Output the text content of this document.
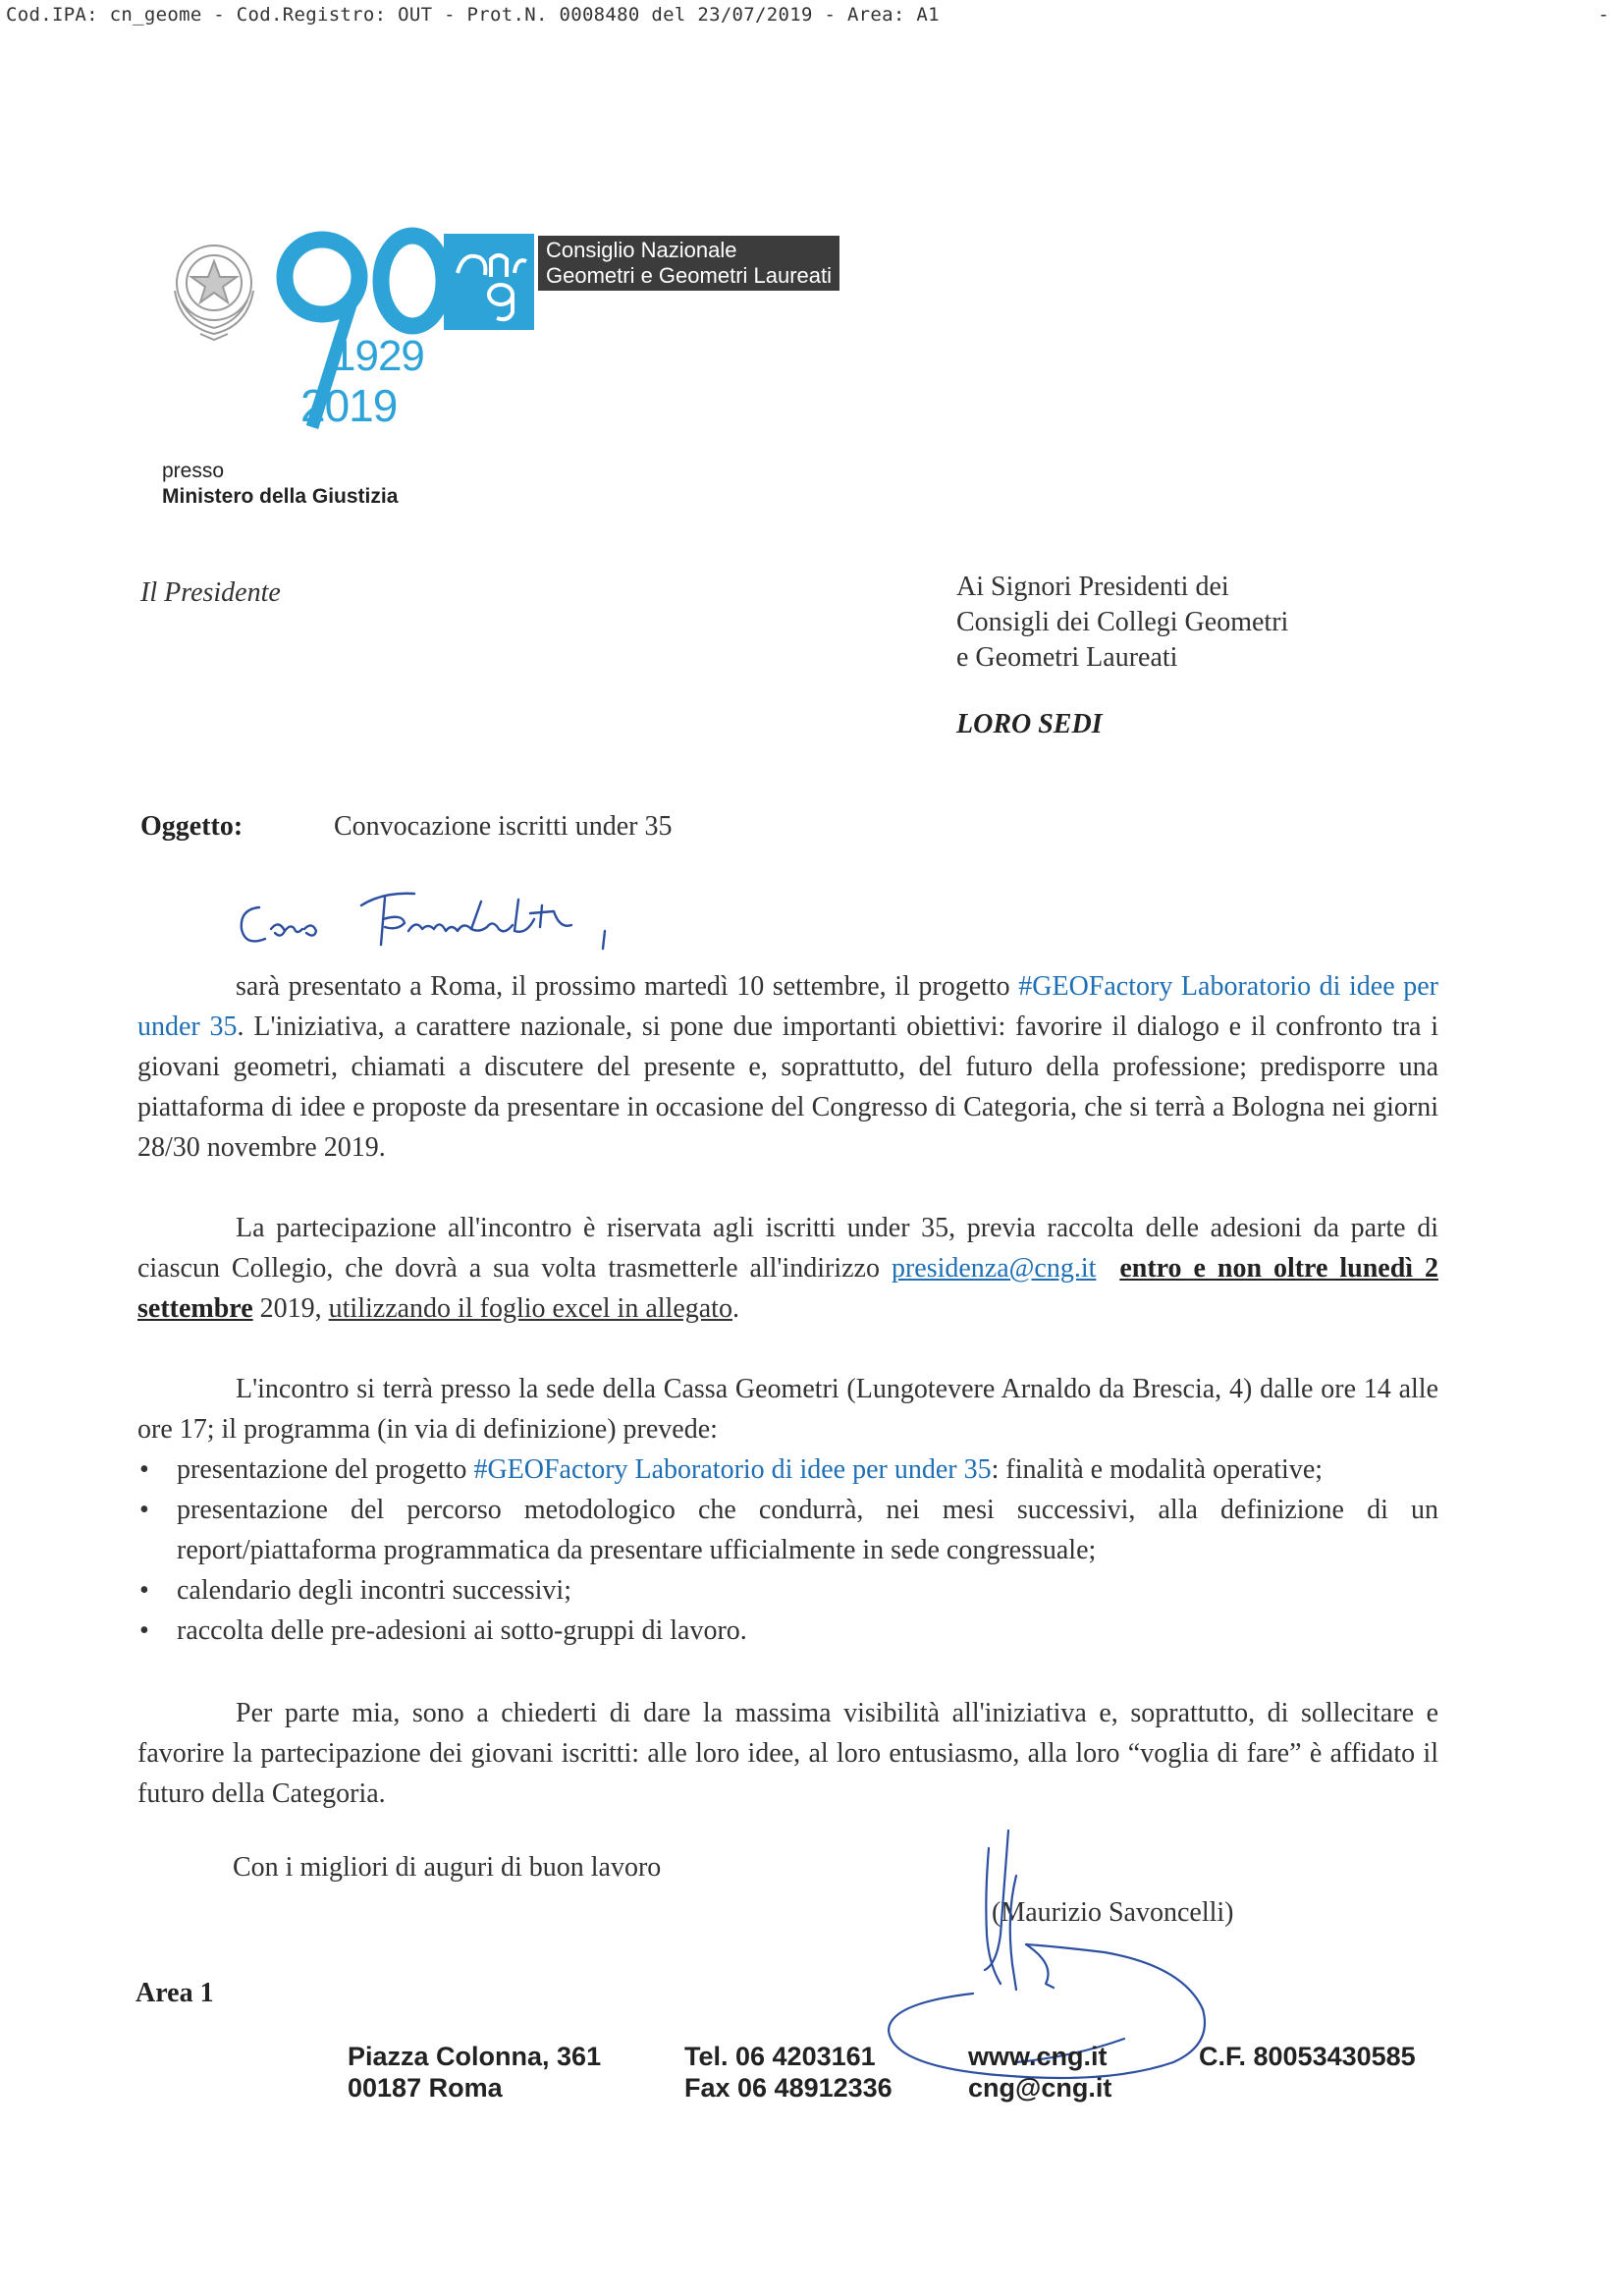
Cod.IPA: cn_geome - Cod.Registro: OUT - Prot.N. 0008480 del 23/07/2019 - Area: A1	-
90
Consiglio Nazionale
Geometri e Geometri Laureati
1929
2019
presso
Ministero della Giustizia
Il Presidente	Ai Signori Presidenti dei
Consigli dei Collegi Geometri
e Geometri Laureati
LORO SEDI
Oggetto:	Convocazione iscritti under 35

sarà presentato a Roma, il prossimo martedì 10 settembre, il progetto #GEOFactory Laboratorio di idee per under 35. L'iniziativa, a carattere nazionale, si pone due importanti obiettivi: favorire il dialogo e il confronto tra i giovani geometri, chiamati a discutere del presente e, soprattutto, del futuro della professione; predisporre una piattaforma di idee e proposte da presentare in occasione del Congresso di Categoria, che si terrà a Bologna nei giorni 28/30 novembre 2019.

La partecipazione all'incontro è riservata agli iscritti under 35, previa raccolta delle adesioni da parte di ciascun Collegio, che dovrà a sua volta trasmetterle all'indirizzo presidenza@cng.it entro e non oltre lunedì 2 settembre 2019, utilizzando il foglio excel in allegato.

L'incontro si terrà presso la sede della Cassa Geometri (Lungotevere Arnaldo da Brescia, 4) dalle ore 14 alle ore 17; il programma (in via di definizione) prevede:

• presentazione del progetto #GEOFactory Laboratorio di idee per under 35: finalità e modalità operative;
• presentazione del percorso metodologico che condurrà, nei mesi successivi, alla definizione di un report/piattaforma programmatica da presentare ufficialmente in sede congressuale;
• calendario degli incontri successivi;
• raccolta delle pre-adesioni ai sotto-gruppi di lavoro.

Per parte mia, sono a chiederti di dare la massima visibilità all'iniziativa e, soprattutto, di sollecitare e favorire la partecipazione dei giovani iscritti: alle loro idee, al loro entusiasmo, alla loro “voglia di fare” è affidato il futuro della Categoria.

Con i migliori di auguri di buon lavoro
(Maurizio Savoncelli)
Area 1
Piazza Colonna, 361
00187 Roma
Tel. 06 4203161
Fax 06 48912336
www.cng.it
cng@cng.it
C.F. 80053430585
